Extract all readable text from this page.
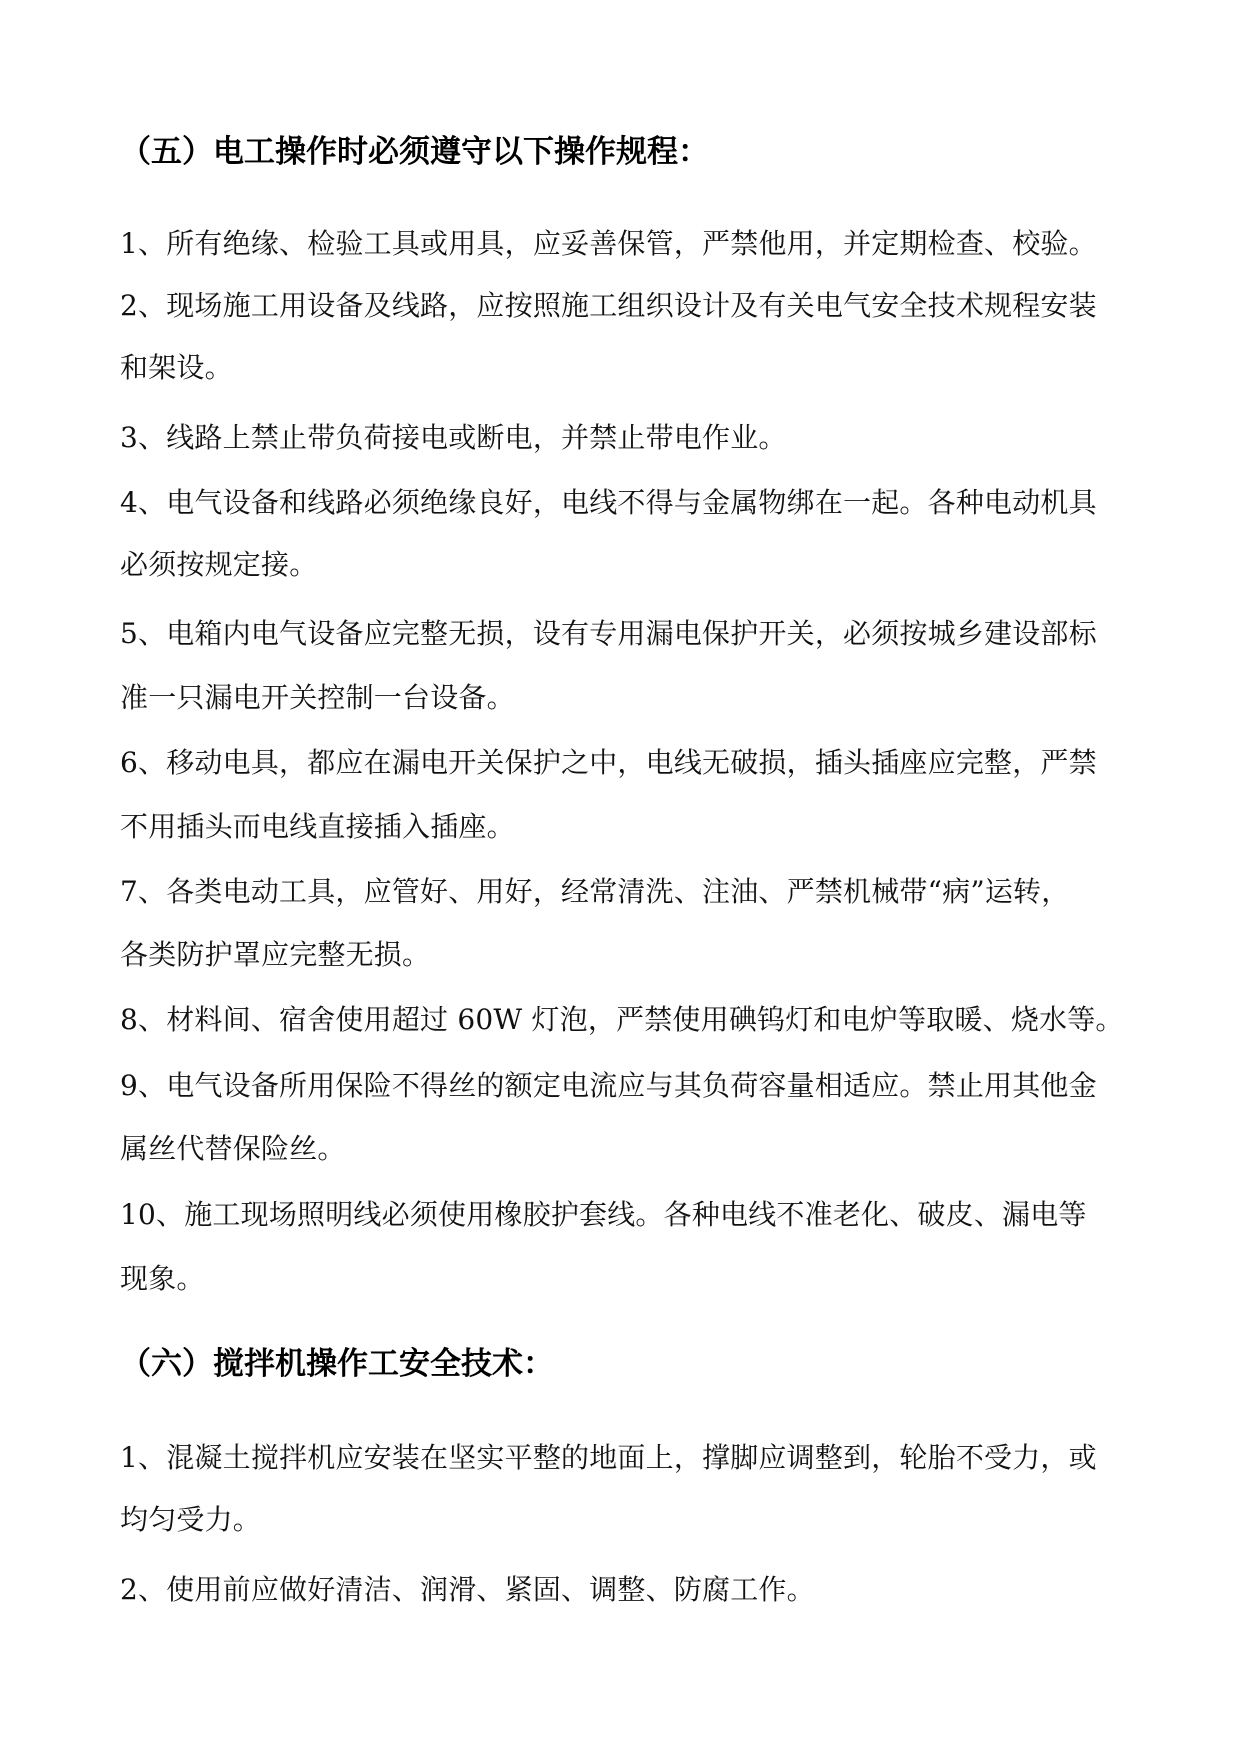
（五）电工操作时必须遵守以下操作规程：
1、所有绝缘、检验工具或用具，应妥善保管，严禁他用，并定期检查、校验。
2、现场施工用设备及线路，应按照施工组织设计及有关电气安全技术规程安装
和架设。
3、线路上禁止带负荷接电或断电，并禁止带电作业。
4、电气设备和线路必须绝缘良好，电线不得与金属物绑在一起。各种电动机具
必须按规定接。
5、电箱内电气设备应完整无损，设有专用漏电保护开关，必须按城乡建设部标
准一只漏电开关控制一台设备。
6、移动电具，都应在漏电开关保护之中，电线无破损，插头插座应完整，严禁
不用插头而电线直接插入插座。
7、各类电动工具，应管好、用好，经常清洗、注油、严禁机械带“病”运转，
各类防护罩应完整无损。
8、材料间、宿舍使用超过 60W 灯泡，严禁使用碘钨灯和电炉等取暖、烧水等。
9、电气设备所用保险不得丝的额定电流应与其负荷容量相适应。禁止用其他金
属丝代替保险丝。
10、施工现场照明线必须使用橡胶护套线。各种电线不准老化、破皮、漏电等
现象。
（六）搅拌机操作工安全技术：
1、混凝土搅拌机应安装在坚实平整的地面上，撑脚应调整到，轮胎不受力，或
均匀受力。
2、使用前应做好清洁、润滑、紧固、调整、防腐工作。
